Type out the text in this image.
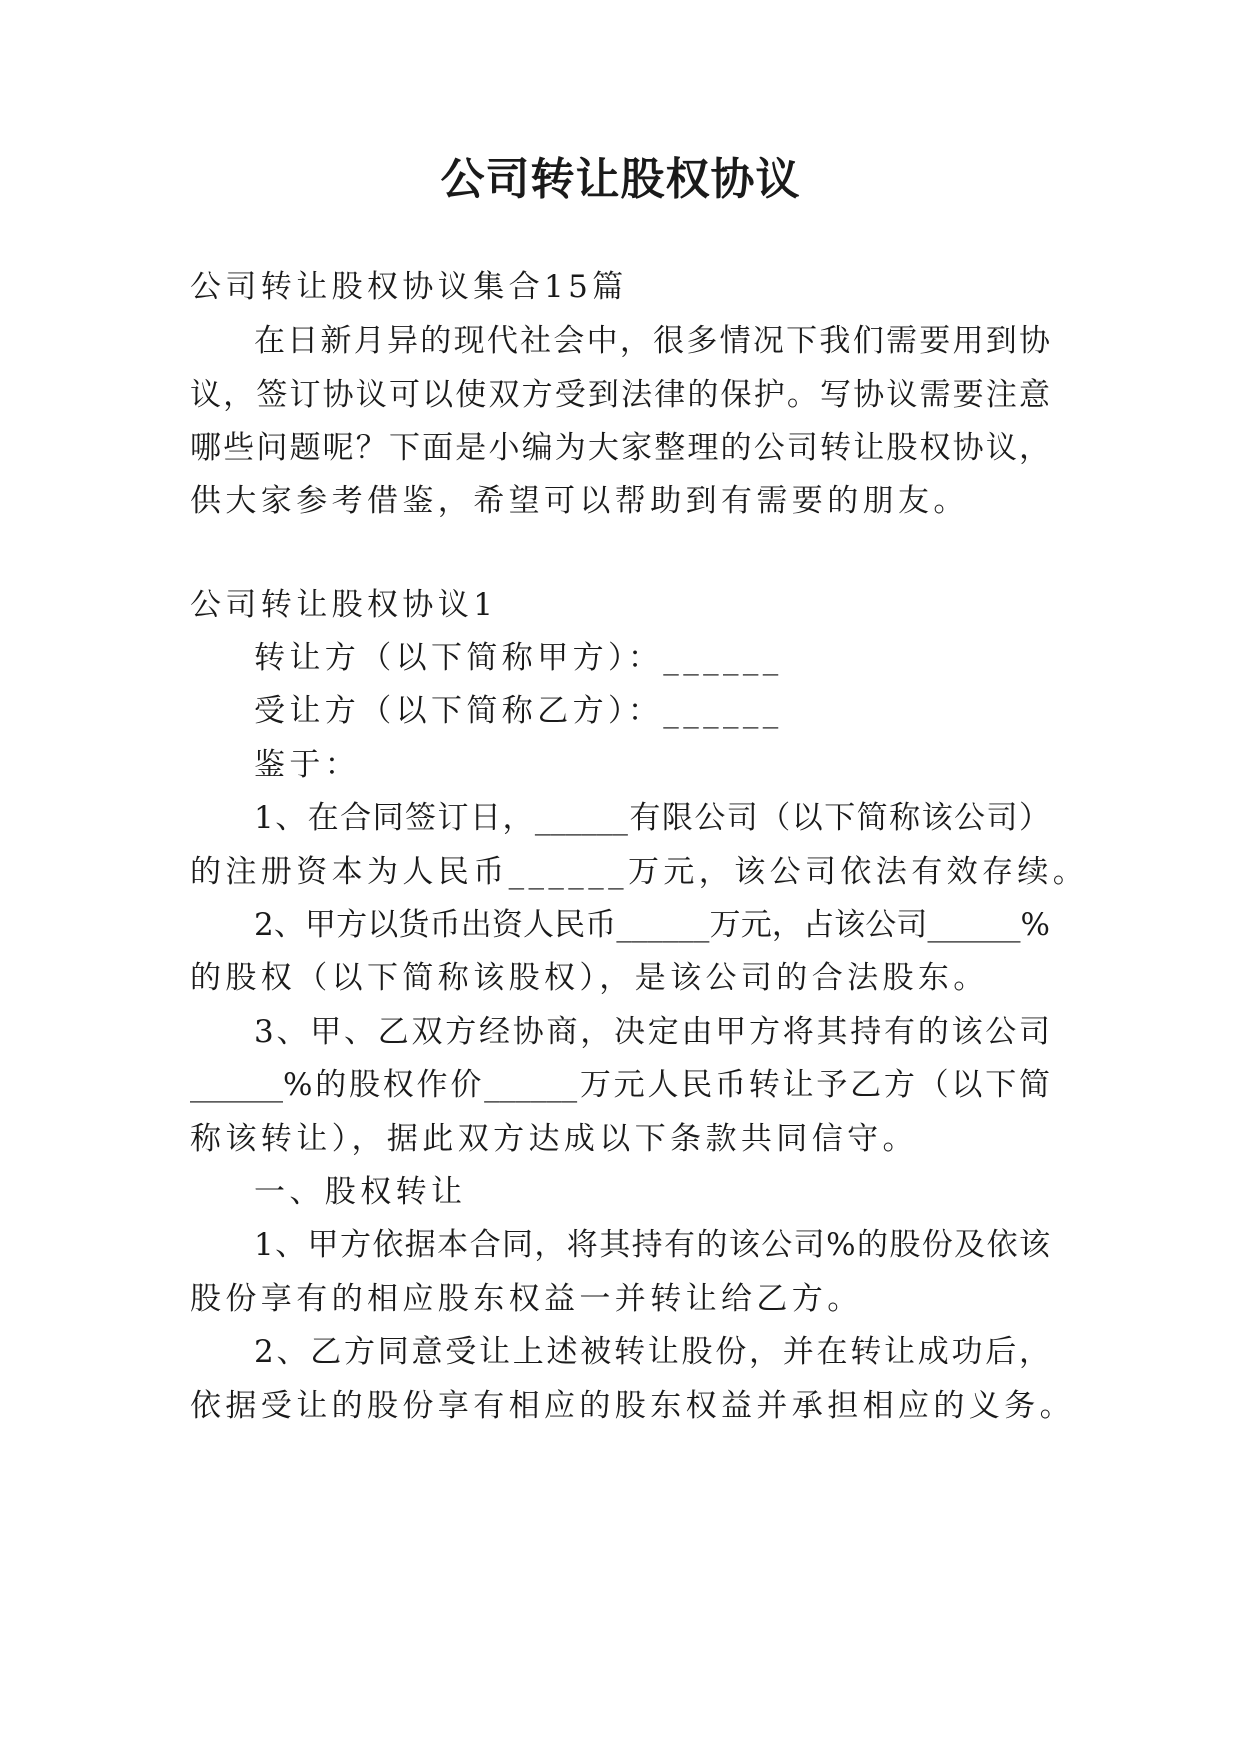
公司转让股权协议

公司转让股权协议集合15篇

在日新月异的现代社会中，很多情况下我们需要用到协

议，签订协议可以使双方受到法律的保护。写协议需要注意

哪些问题呢？下面是小编为大家整理的公司转让股权协议，

供大家参考借鉴，希望可以帮助到有需要的朋友。

公司转让股权协议1

转让方（以下简称甲方）：______

受让方（以下简称乙方）：______

鉴于：

1、在合同签订日，______有限公司（以下简称该公司）

的注册资本为人民币______万元，该公司依法有效存续。

2、甲方以货币出资人民币______万元，占该公司______%

的股权（以下简称该股权），是该公司的合法股东。

3、甲、乙双方经协商，决定由甲方将其持有的该公司

______%的股权作价______万元人民币转让予乙方（以下简

称该转让），据此双方达成以下条款共同信守。

一、股权转让

1、甲方依据本合同，将其持有的该公司%的股份及依该

股份享有的相应股东权益一并转让给乙方。

2、乙方同意受让上述被转让股份，并在转让成功后，

依据受让的股份享有相应的股东权益并承担相应的义务。
